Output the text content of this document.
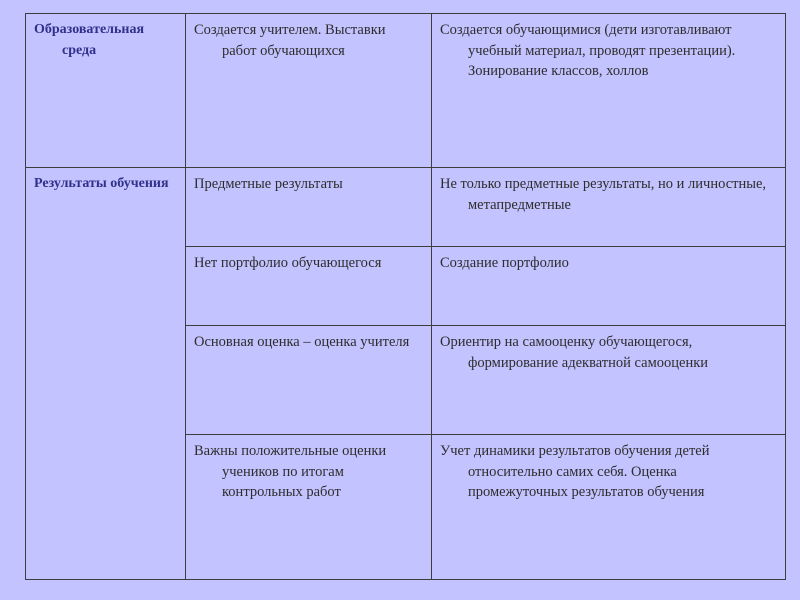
Образовательная среда	Создается учителем. Выставки работ обучающихся	Создается обучающимися (дети изготавливают учебный материал, проводят презентации). Зонирование классов, холлов

Результаты обучения	Предметные результаты	Не только предметные результаты, но и личностные, метапредметные

	Нет портфолио обучающегося	Создание портфолио

	Основная оценка – оценка учителя	Ориентир на самооценку обучающегося, формирование адекватной самооценки

	Важны положительные оценки учеников по итогам контрольных работ	Учет динамики результатов обучения детей относительно самих себя. Оценка промежуточных результатов обучения
